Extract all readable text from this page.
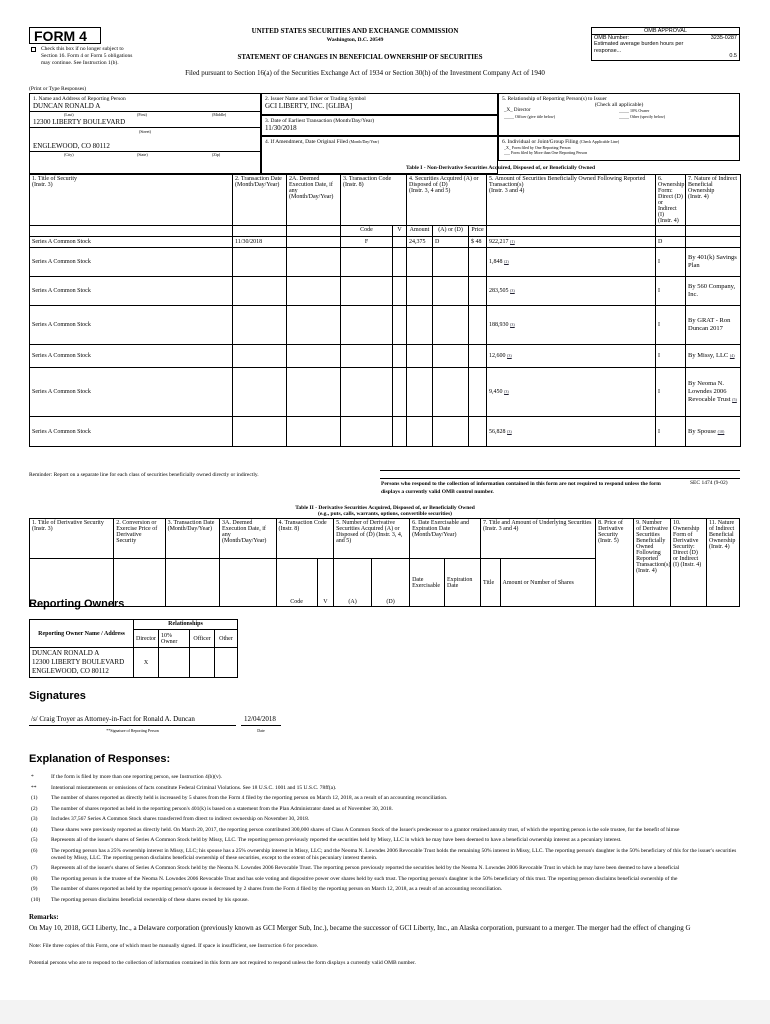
FORM 4
Check this box if no longer subject to Section 16. Form 4 or Form 5 obligations may continue. See Instruction 1(b).
UNITED STATES SECURITIES AND EXCHANGE COMMISSION
Washington, D.C. 20549
STATEMENT OF CHANGES IN BENEFICIAL OWNERSHIP OF SECURITIES
Filed pursuant to Section 16(a) of the Securities Exchange Act of 1934 or Section 30(h) of the Investment Company Act of 1940
OMB APPROVAL
OMB Number:	3235-0287
Estimated average burden hours per response...
0.5
(Print or Type Responses)
1. Name and Address of Reporting Person
DUNCAN RONALD A
(Last)	(First)	(Middle)
12300 LIBERTY BOULEVARD
(Street)
ENGLEWOOD, CO 80112
(City)	(State)	(Zip)
2. Issuer Name and Ticker or Trading Symbol
GCI LIBERTY, INC. [GLIBA]
3. Date of Earliest Transaction (Month/Day/Year)
11/30/2018
4. If Amendment, Date Original Filed (Month/Day/Year)
5. Relationship of Reporting Person(s) to Issuer
(Check all applicable)
_X_ Director	_____ 10% Owner
_____ Officer (give title below)	_____ Other (specify below)
6. Individual or Joint/Group Filing (Check Applicable Line)
_X_ Form filed by One Reporting Person
___ Form filed by More than One Reporting Person
Table I - Non-Derivative Securities Acquired, Disposed of, or Beneficially Owned
1. Title of Security
(Instr. 3)	2. Transaction Date (Month/Day/Year)	2A. Deemed Execution Date, if any
(Month/Day/Year)	3. Transaction Code
(Instr. 8)		4. Securities Acquired (A) or Disposed of (D)
(Instr. 3, 4 and 5)			5. Amount of Securities Beneficially Owned Following Reported Transaction(s)
(Instr. 3 and 4)	6. Ownership Form: Direct (D) or Indirect (I)
(Instr. 4)	7. Nature of Indirect Beneficial Ownership
(Instr. 4)
			Code	V	Amount	(A) or (D)	Price			
Series A Common Stock	11/30/2018		F		24,375	D	$ 48	922,217 (1)	D	
Series A Common Stock								1,848 (2)	I	By 401(k) Savings Plan
Series A Common Stock								283,505 (3)	I	By 560 Company, Inc.
Series A Common Stock								188,930 (3)	I	By GRAT - Ron Duncan 2017
Series A Common Stock								12,600 (3)	I	By Missy, LLC (4)
Series A Common Stock								9,450 (3)	I	By Neoma N. Lowndes 2006 Revocable Trust (5)
Series A Common Stock								56,828 (3)	I	By Spouse (10)
Reminder: Report on a separate line for each class of securities beneficially owned directly or indirectly.
Persons who respond to the collection of information contained in this form are not required to respond unless the form displays a currently valid OMB control number.
SEC 1474 (9-02)
Table II - Derivative Securities Acquired, Disposed of, or Beneficially Owned
(e.g., puts, calls, warrants, options, convertible securities)
1. Title of Derivative Security (Instr. 3)	2. Conversion or Exercise Price of Derivative Security	3. Transaction Date (Month/Day/Year)	3A. Deemed Execution Date, if any (Month/Day/Year)	4. Transaction Code (Instr. 8)		5. Number of Derivative Securities Acquired (A) or Disposed of (D) (Instr. 3, 4, and 5)		6. Date Exercisable and Expiration Date (Month/Day/Year)		7. Title and Amount of Underlying Securities (Instr. 3 and 4)		8. Price of Derivative Security (Instr. 5)	9. Number of Derivative Securities Beneficially Owned Following Reported Transaction(s) (Instr. 4)	10. Ownership Form of Derivative Security: Direct (D) or Indirect (I) (Instr. 4)	11. Nature of Indirect Beneficial Ownership (Instr. 4)
				Code	V	(A)	(D)	Date Exercisable	Expiration Date	Title	Amount or Number of Shares				
Reporting Owners
Reporting Owner Name / Address	Relationships			
	Director	10% Owner	Officer	Other

DUNCAN RONALD A
12300 LIBERTY BOULEVARD
ENGLEWOOD, CO 80112	X			
Signatures
/s/ Craig Troyer as Attorney-in-Fact for Ronald A. Duncan
**Signature of Reporting Person
12/04/2018
Date
Explanation of Responses:
*	If the form is filed by more than one reporting person, see Instruction 4(b)(v).
**	Intentional misstatements or omissions of facts constitute Federal Criminal Violations. See 18 U.S.C. 1001 and 15 U.S.C. 78ff(a).
(1) The number of shares reported as directly held is increased by 5 shares from the Form 4 filed by the reporting person on March 12, 2018, as a result of an accounting reconciliation.
(2) The number of shares reported as held in the reporting person's 401(k) is based on a statement from the Plan Administrator dated as of November 30, 2018.
(3) Includes 37,567 Series A Common Stock shares transferred from direct to indirect ownership on November 30, 2018.
(4) These shares were previously reported as directly held. On March 20, 2017, the reporting person contributed 300,000 shares of Class A Common Stock of the Issuer's predecessor to a grantor retained annuity trust, of which the reporting person is the sole trustee, for the benefit of himse
(5) Represents all of the issuer's shares of Series A Common Stock held by Missy, LLC. The reporting person previously reported the securities held by Missy, LLC in which he may have been deemed to have a beneficial ownership interest as a pecuniary interest.
(6) The reporting person has a 25% ownership interest in Missy, LLC; his spouse has a 25% ownership interest in Missy, LLC; and the Neoma N. Lowndes 2006 Revocable Trust holds the remaining 50% interest in Missy, LLC. The reporting person's daughter is the 50% beneficiary of this for the issuer's securities owned by Missy, LLC. The reporting person disclaims beneficial ownership of these securities, except to the extent of his pecuniary interest therein.
(7) Represents all of the issuer's shares of Series A Common Stock held by the Neoma N. Lowndes 2006 Revocable Trust. The reporting person previously reported the securities held by the Neoma N. Lowndes 2006 Revocable Trust in which he may have been deemed to have a beneficial
(8) The reporting person is the trustee of the Neoma N. Lowndes 2006 Revocable Trust and has sole voting and dispositive power over shares held by such trust. The reporting person's daughter is the 50% beneficiary of this trust. The reporting person disclaims beneficial ownership of the
(9) The number of shares reported as held by the reporting person's spouse is decreased by 2 shares from the Form 4 filed by the reporting person on March 12, 2018, as a result of an accounting reconciliation.
(10) The reporting person disclaims beneficial ownership of these shares owned by his spouse.
Remarks:
On May 10, 2018, GCI Liberty, Inc., a Delaware corporation (previously known as GCI Merger Sub, Inc.), became the successor of GCI Liberty, Inc., an Alaska corporation, pursuant to a merger. The merger had the effect of changing G
Note: File three copies of this Form, one of which must be manually signed. If space is insufficient, see Instruction 6 for procedure.
Potential persons who are to respond to the collection of information contained in this form are not required to respond unless the form displays a currently valid OMB number.
